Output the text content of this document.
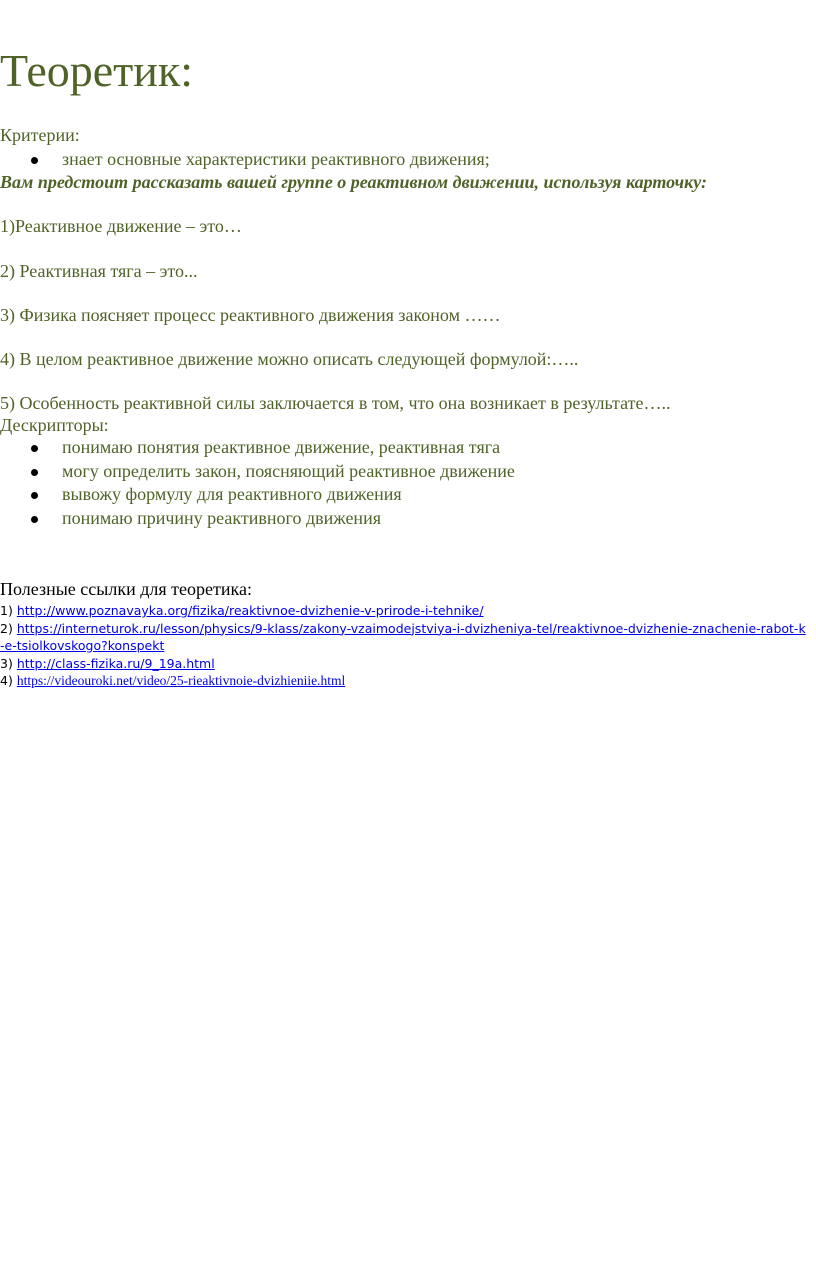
Теоретик:
Критерии:
знает основные характеристики реактивного движения;
Вам предстоит рассказать вашей группе о реактивном движении, используя карточку:
1)Реактивное движение – это…
2) Реактивная тяга – это...
3) Физика поясняет процесс реактивного движения законом ……
4) В целом реактивное движение можно описать следующей формулой:…..
5) Особенность реактивной силы заключается в том, что она возникает в результате…..
Дескрипторы:
понимаю понятия реактивное движение, реактивная тяга
могу определить закон, поясняющий реактивное движение
вывожу формулу для реактивного движения
понимаю причину реактивного движения
Полезные ссылки для теоретика:
1) http://www.poznavayka.org/fizika/reaktivnoe-dvizhenie-v-prirode-i-tehnike/
2) https://interneturok.ru/lesson/physics/9-klass/zakony-vzaimodejstviya-i-dvizheniya-tel/reaktivnoe-dvizhenie-znachenie-rabot-k-e-tsiolkovskogo?konspekt
3) http://class-fizika.ru/9_19a.html
4) https://videouroki.net/video/25-rieaktivnoie-dvizhieniie.html
